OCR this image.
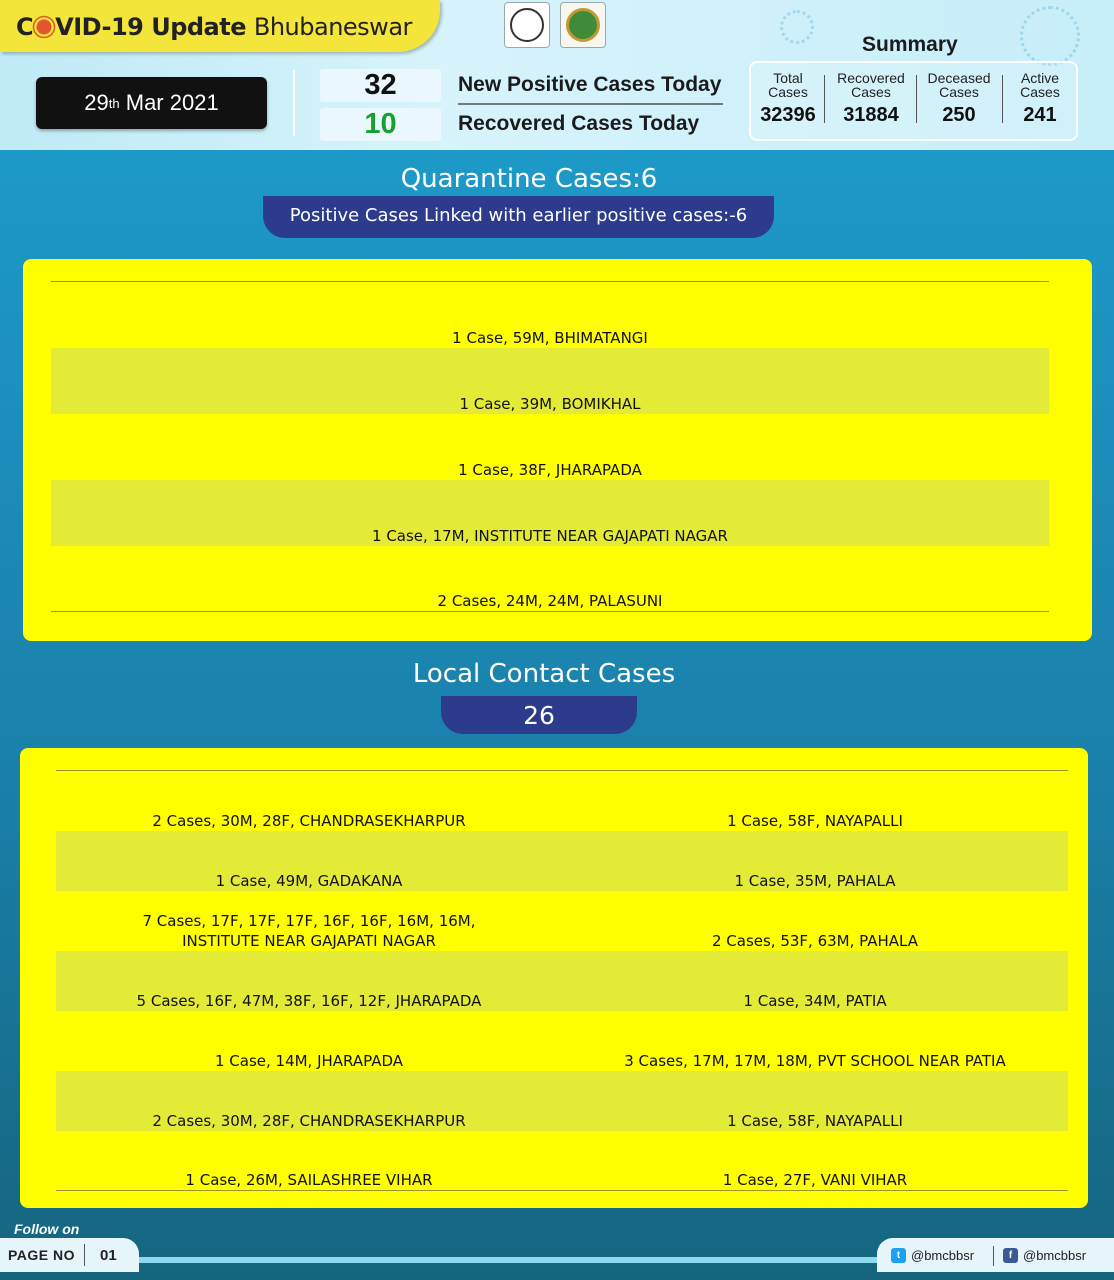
C VID-19 Update Bhubaneswar
29 th
Mar 2021
32
10
New Positive Cases Today
Recovered Cases Today
Summary
Total
Cases
32396
Recovered
Cases
31884
Deceased
Cases
250
Active
Cases
241
Quarantine Cases:6
Positive Cases Linked with earlier positive cases:-6
1 Case, 59M, BHIMATANGI
1 Case, 39M, BOMIKHAL
1 Case, 38F, JHARAPADA
1 Case, 17M, INSTITUTE NEAR GAJAPATI NAGAR
2 Cases, 24M, 24M, PALASUNI
Local Contact Cases
26
2 Cases, 30M, 28F, CHANDRASEKHARPUR	1 Case, 58F, NAYAPALLI
1 Case, 49M, GADAKANA	1 Case, 35M, PAHALA
7 Cases, 17F, 17F, 17F, 16F, 16F, 16M, 16M,
INSTITUTE NEAR GAJAPATI NAGAR	2 Cases, 53F, 63M, PAHALA
5 Cases, 16F, 47M, 38F, 16F, 12F, JHARAPADA	1 Case, 34M, PATIA
1 Case, 14M, JHARAPADA	3 Cases, 17M, 17M, 18M, PVT SCHOOL NEAR PATIA
2 Cases, 30M, 28F, CHANDRASEKHARPUR	1 Case, 58F, NAYAPALLI
1 Case, 26M, SAILASHREE VIHAR	1 Case, 27F, VANI VIHAR
Follow on
PAGE NO 01	t @bmcbbsr	f @bmcbbsr
